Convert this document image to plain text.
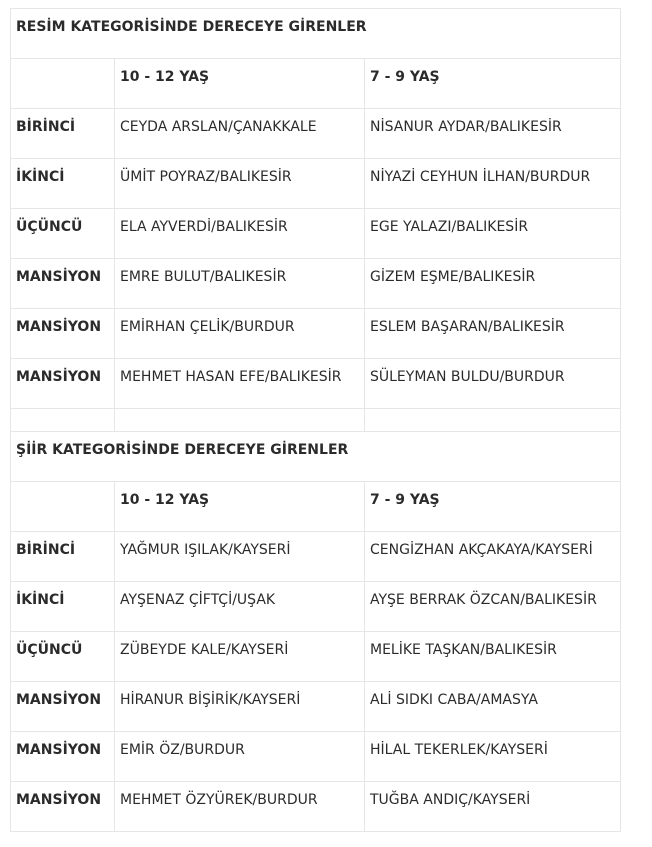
RESİM KATEGORİSİNDE DERECEYE GİRENLER		
	10 - 12 YAŞ	7 - 9 YAŞ
BİRİNCİ	CEYDA ARSLAN/ÇANAKKALE	NİSANUR AYDAR/BALIKESİR
İKİNCİ	ÜMİT POYRAZ/BALIKESİR	NİYAZİ CEYHUN İLHAN/BURDUR
ÜÇÜNCÜ	ELA AYVERDİ/BALIKESİR	EGE YALAZI/BALIKESİR
MANSİYON	EMRE BULUT/BALIKESİR	GİZEM EŞME/BALIKESİR
MANSİYON	EMİRHAN ÇELİK/BURDUR	ESLEM BAŞARAN/BALIKESİR
MANSİYON	MEHMET HASAN EFE/BALIKESİR	SÜLEYMAN BULDU/BURDUR

ŞİİR KATEGORİSİNDE DERECEYE GİRENLER		
	10 - 12 YAŞ	7 - 9 YAŞ
BİRİNCİ	YAĞMUR IŞILAK/KAYSERİ	CENGİZHAN AKÇAKAYA/KAYSERİ
İKİNCİ	AYŞENAZ ÇİFTÇİ/UŞAK	AYŞE BERRAK ÖZCAN/BALIKESİR
ÜÇÜNCÜ	ZÜBEYDE KALE/KAYSERİ	MELİKE TAŞKAN/BALIKESİR
MANSİYON	HİRANUR BİŞİRİK/KAYSERİ	ALİ SIDKI CABA/AMASYA
MANSİYON	EMİR ÖZ/BURDUR	HİLAL TEKERLEK/KAYSERİ
MANSİYON	MEHMET ÖZYÜREK/BURDUR	TUĞBA ANDIÇ/KAYSERİ
